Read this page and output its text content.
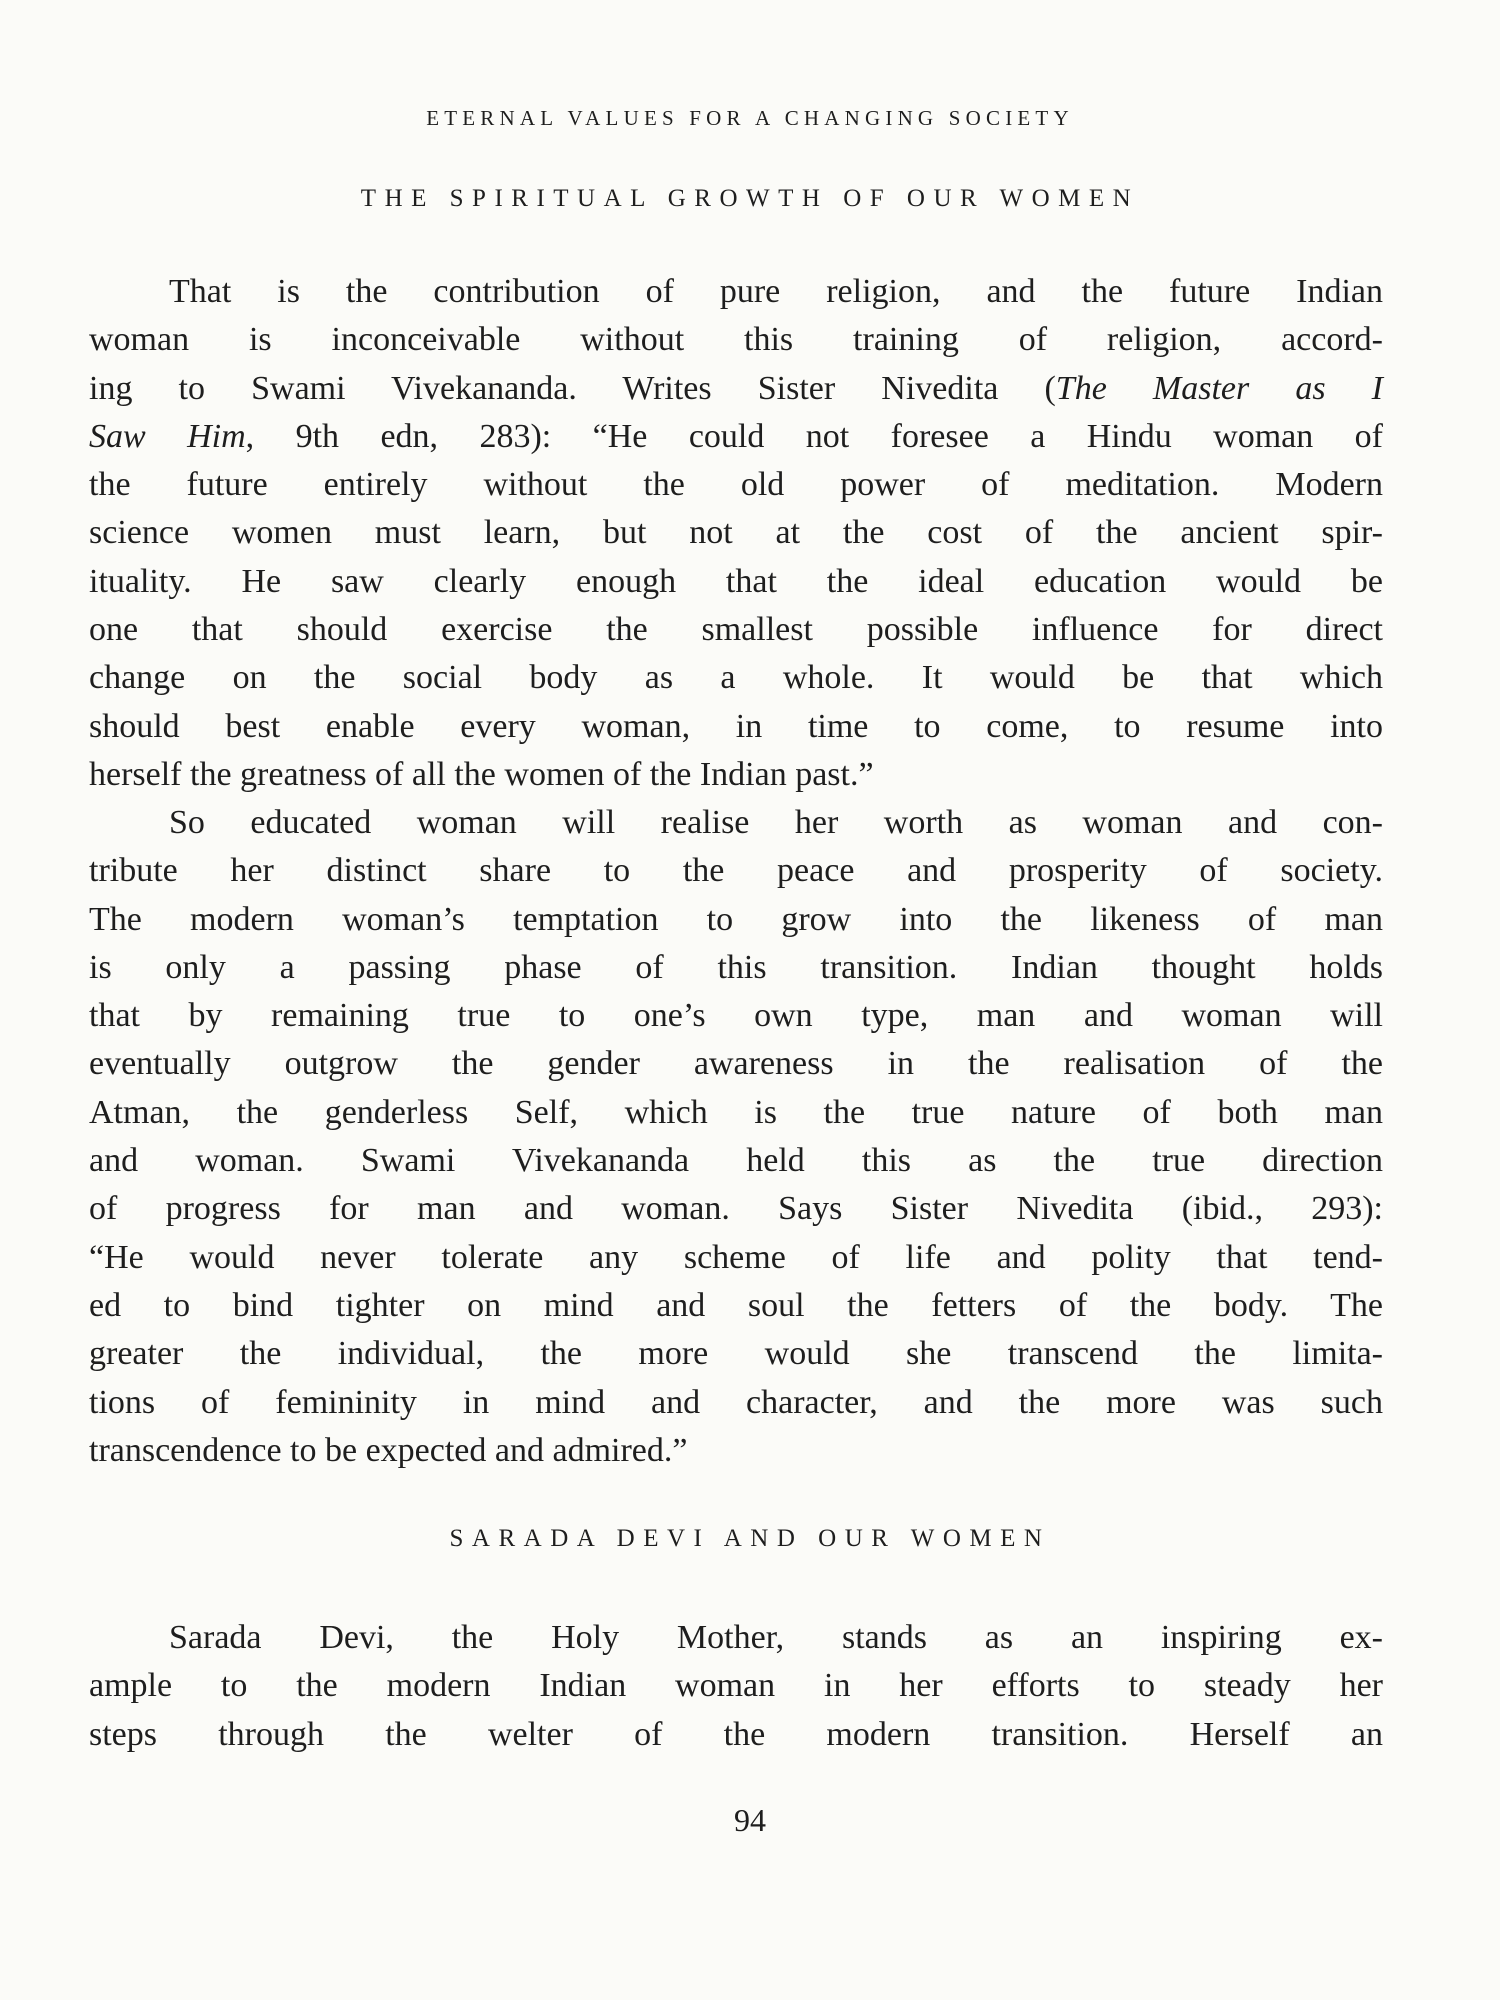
ETERNAL VALUES FOR A CHANGING SOCIETY
THE SPIRITUAL GROWTH OF OUR WOMEN
That is the contribution of pure religion, and the future Indian
woman is inconceivable without this training of religion, accord-
ing to Swami Vivekananda. Writes Sister Nivedita (The Master as I
Saw Him, 9th edn, 283): “He could not foresee a Hindu woman of
the future entirely without the old power of meditation. Modern
science women must learn, but not at the cost of the ancient spir-
ituality. He saw clearly enough that the ideal education would be
one that should exercise the smallest possible influence for direct
change on the social body as a whole. It would be that which
should best enable every woman, in time to come, to resume into
herself the greatness of all the women of the Indian past.”
So educated woman will realise her worth as woman and con-
tribute her distinct share to the peace and prosperity of society.
The modern woman’s temptation to grow into the likeness of man
is only a passing phase of this transition. Indian thought holds
that by remaining true to one’s own type, man and woman will
eventually outgrow the gender awareness in the realisation of the
Atman, the genderless Self, which is the true nature of both man
and woman. Swami Vivekananda held this as the true direction
of progress for man and woman. Says Sister Nivedita (ibid., 293):
“He would never tolerate any scheme of life and polity that tend-
ed to bind tighter on mind and soul the fetters of the body. The
greater the individual, the more would she transcend the limita-
tions of femininity in mind and character, and the more was such
transcendence to be expected and admired.”
SARADA DEVI AND OUR WOMEN
Sarada Devi, the Holy Mother, stands as an inspiring ex-
ample to the modern Indian woman in her efforts to steady her
steps through the welter of the modern transition. Herself an
94
